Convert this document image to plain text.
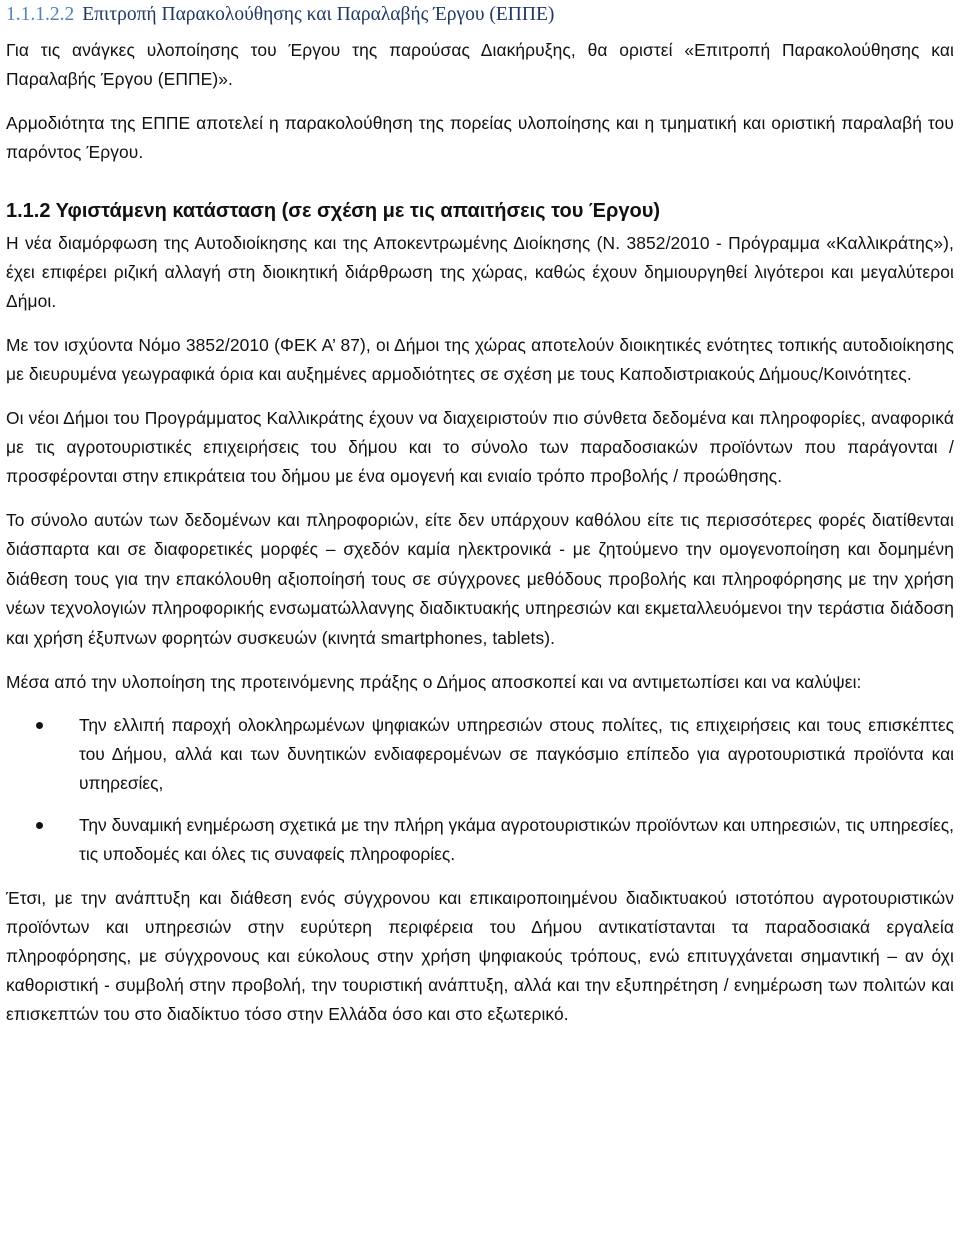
1.1.1.2.2 Επιτροπή Παρακολούθησης και Παραλαβής Έργου (ΕΠΠΕ)

Για τις ανάγκες υλοποίησης του Έργου της παρούσας Διακήρυξης, θα οριστεί «Επιτροπή Παρακολούθησης και Παραλαβής Έργου (ΕΠΠΕ)».

Αρμοδιότητα της ΕΠΠΕ αποτελεί η παρακολούθηση της πορείας υλοποίησης και η τμηματική και οριστική παραλαβή του παρόντος Έργου.

1.1.2 Υφιστάμενη κατάσταση (σε σχέση με τις απαιτήσεις του Έργου)

Η νέα διαμόρφωση της Αυτοδιοίκησης και της Αποκεντρωμένης Διοίκησης (Ν. 3852/2010 - Πρόγραμμα «Καλλικράτης»), έχει επιφέρει ριζική αλλαγή στη διοικητική διάρθρωση της χώρας, καθώς έχουν δημιουργηθεί λιγότεροι και μεγαλύτεροι Δήμοι.

Με τον ισχύοντα Νόμο 3852/2010 (ΦΕΚ Α’ 87), οι Δήμοι της χώρας αποτελούν διοικητικές ενότητες τοπικής αυτοδιοίκησης με διευρυμένα γεωγραφικά όρια και αυξημένες αρμοδιότητες σε σχέση με τους Καποδιστριακούς Δήμους/Κοινότητες.

Οι νέοι Δήμοι του Προγράμματος Καλλικράτης έχουν να διαχειριστούν πιο σύνθετα δεδομένα και πληροφορίες, αναφορικά με τις αγροτουριστικές επιχειρήσεις του δήμου και το σύνολο των παραδοσιακών προϊόντων που παράγονται / προσφέρονται στην επικράτεια του δήμου με ένα ομογενή και ενιαίο τρόπο προβολής / προώθησης.

Το σύνολο αυτών των δεδομένων και πληροφοριών, είτε δεν υπάρχουν καθόλου είτε τις περισσότερες φορές διατίθενται διάσπαρτα και σε διαφορετικές μορφές – σχεδόν καμία ηλεκτρονικά - με ζητούμενο την ομογενοποίηση και δομημένη διάθεση τους για την επακόλουθη αξιοποίησή τους σε σύγχρονες μεθόδους προβολής και πληροφόρησης με την χρήση νέων τεχνολογιών πληροφορικής ενσωματώλλανγης διαδικτυακής υπηρεσιών και εκμεταλλευόμενοι την τεράστια διάδοση και χρήση έξυπνων φορητών συσκευών (κινητά smartphones, tablets).

Μέσα από την υλοποίηση της προτεινόμενης πράξης ο Δήμος αποσκοπεί και να αντιμετωπίσει και να καλύψει:

Την ελλιπή παροχή ολοκληρωμένων ψηφιακών υπηρεσιών στους πολίτες, τις επιχειρήσεις και τους επισκέπτες του Δήμου, αλλά και των δυνητικών ενδιαφερομένων σε παγκόσμιο επίπεδο για αγροτουριστικά προϊόντα και υπηρεσίες,
Την δυναμική ενημέρωση σχετικά με την πλήρη γκάμα αγροτουριστικών προϊόντων και υπηρεσιών, τις υπηρεσίες, τις υποδομές και όλες τις συναφείς πληροφορίες.

Έτσι, με την ανάπτυξη και διάθεση ενός σύγχρονου και επικαιροποιημένου διαδικτυακού ιστοτόπου αγροτουριστικών προϊόντων και υπηρεσιών στην ευρύτερη περιφέρεια του Δήμου αντικατίστανται τα παραδοσιακά εργαλεία πληροφόρησης, με σύγχρονους και εύκολους στην χρήση ψηφιακούς τρόπους, ενώ επιτυγχάνεται σημαντική – αν όχι καθοριστική - συμβολή στην προβολή, την τουριστική ανάπτυξη, αλλά και την εξυπηρέτηση / ενημέρωση των πολιτών και επισκεπτών του στο διαδίκτυο τόσο στην Ελλάδα όσο και στο εξωτερικό.
